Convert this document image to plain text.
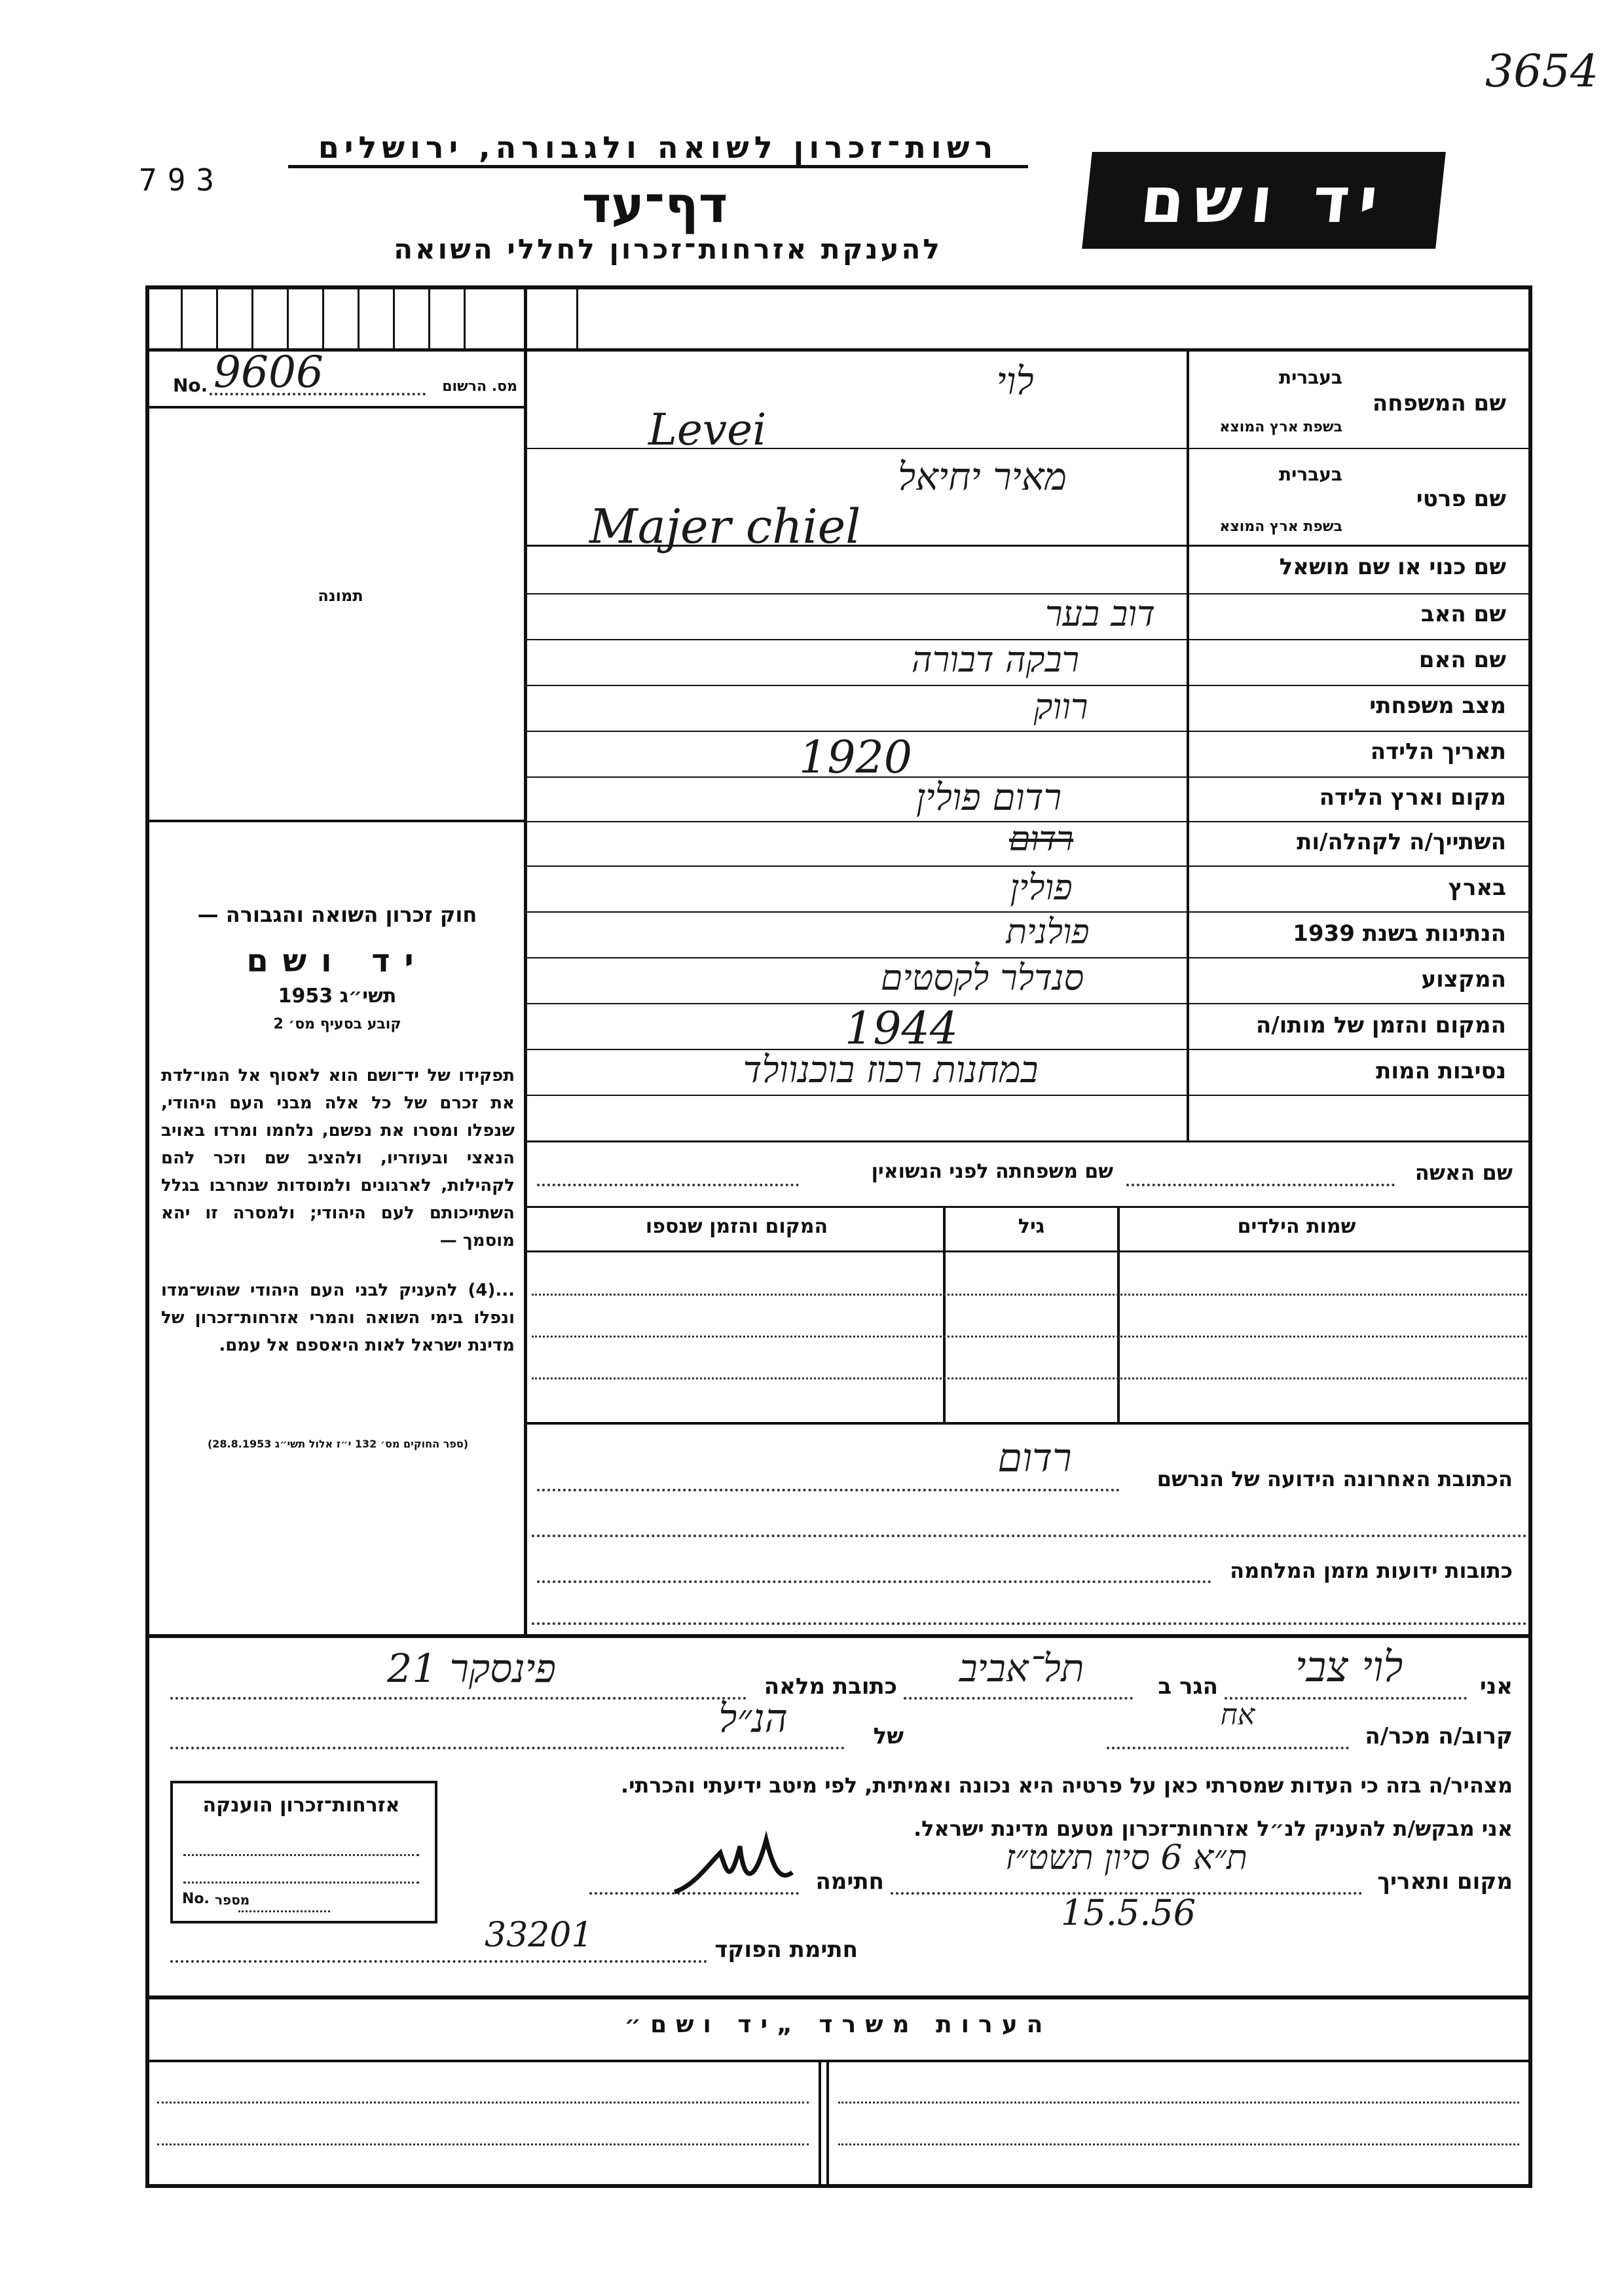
3654
793
רשות־זכרון לשואה ולגבורה, ירושלים
דף־עד
להענקת אזרחות־זכרון לחללי השואה
יד ושם
No. 9606	מס. הרשום
תמונה
חוק זכרון השואה והגבורה —
יד ושם
תשי״ג 1953
קובע בסעיף מס׳ 2
תפקידו של יד־ושם הוא לאסוף אל המו־לדת את זכרם של כל אלה מבני העם היהודי, שנפלו ומסרו את נפשם, נלחמו ומרדו באויב הנאצי ובעוזריו, ולהציב שם וזכר להם לקהילות, לארגונים ולמוסדות שנחרבו בגלל השתייכותם לעם היהודי; ולמסרה זו יהא מוסמך —
...(4) להעניק לבני העם היהודי שהוש־מדו ונפלו בימי השואה והמרי אזרחות־זכרון של מדינת ישראל לאות היאספם אל עמם.
(ספר החוקים מס׳ 132 י״ז אלול תשי״ג 28.8.1953)
שם המשפחה
בעברית
בשפת ארץ המוצא
לוי
Levei
שם פרטי
בעברית
בשפת ארץ המוצא
מאיר יחיאל
Majer chiel
שם כנוי או שם מושאל
שם האב
דוב בער
שם האם
רבקה דבורה
מצב משפחתי
רווק
תאריך הלידה
1920
מקום וארץ הלידה
רדום פולין
השתייך/ה לקהלה/ות
רדום
בארץ
פולין
הנתינות בשנת 1939
פולנית
המקצוע
סנדלר לקסטים
המקום והזמן של מותו/ה
1944
נסיבות המות
במחנות רכוז בוכנוולד
שם האשה
שם משפחתה לפני הנשואין
שמות הילדים
גיל
המקום והזמן שנספו
הכתובת האחרונה הידועה של הנרשם
רדום
כתובות ידועות מזמן המלחמה
אני
לוי צבי
הגר ב
תל־אביב
כתובת מלאה
פינסקר 21
קרוב/ה מכר/ה
אח
של
הנ״ל
מצהיר/ה בזה כי העדות שמסרתי כאן על פרטיה היא נכונה ואמיתית, לפי מיטב ידיעתי והכרתי.
אני מבקש/ת להעניק לנ״ל אזרחות־זכרון מטעם מדינת ישראל.
מקום ותאריך
ת״א 6 סיון תשט״ז
15.5.56
חתימה
אזרחות־זכרון הוענקה
No. מספר
חתימת הפוקד
33201
הערות משרד „יד ושם״
